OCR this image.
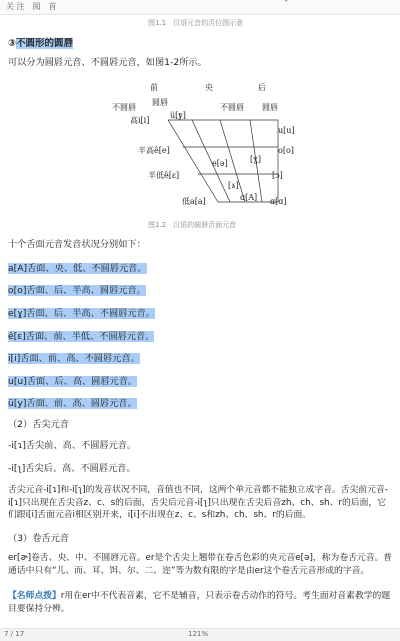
关 注 阅 首	ˇ
图1.1　汉语元音的舌位图示意
③不圆形的圆唇
可以分为圆唇元音、不圆唇元音，如图1-2所示。
前	央	后
不圆唇
圆唇
不圆唇 圆唇
高i[i]
ü[y]
u[u]
半高ê[e]
e[ə]	[ɣ]
o[o]
半低ê[ɛ]
[ɤ]
[ɔ]
低a[a]	ɑ[A] ɑ[ɑ]
图1.2　汉语的圆唇舌面元音
十个舌面元音发音状况分别如下：
a[A]舌面、央、低、不圆唇元音。
o[o]舌面、后、半高、圆唇元音。
e[ɣ]舌面、后、半高、不圆唇元音。
ê[ɛ]舌面、前、半低、不圆唇元音。
i[i]舌面、前、高、不圆唇元音。
u[u]舌面、后、高、圆唇元音。
ü[y]舌面、前、高、圆唇元音。
（2）舌尖元音
-i[ɿ]舌尖前、高、不圆唇元音。
-i[ʅ]舌尖后、高、不圆唇元音。
舌尖元音-i[ɿ]和-i[ʅ]的发音状况不同，音值也不同，这两个单元音都不能独立成字音。舌尖前元音-i[ɿ]只出现在舌尖音z、c、s的后面，舌尖后元音-i[ʅ]只出现在舌尖后音zh、ch、sh、r的后面，它们跟i[i]舌面元音i相区别开来，i[i]不出现在z、c、s和zh、ch、sh、r的后面。
（3）卷舌元音
er[ɚ]卷舌、央、中、不圆唇元音。er是个舌尖上翘带在卷舌色彩的央元音e[ə]，称为卷舌元音。普通话中只有“儿、而、耳、饵、尔、二、迩”等为数有限的字是由er这个卷舌元音形成的字音。
【名师点拨】r用在er中不代表音素，它不是辅音，只表示卷舌动作的符号。考生面对音素教学的题目要保持分辨。
7 / 17	121%
